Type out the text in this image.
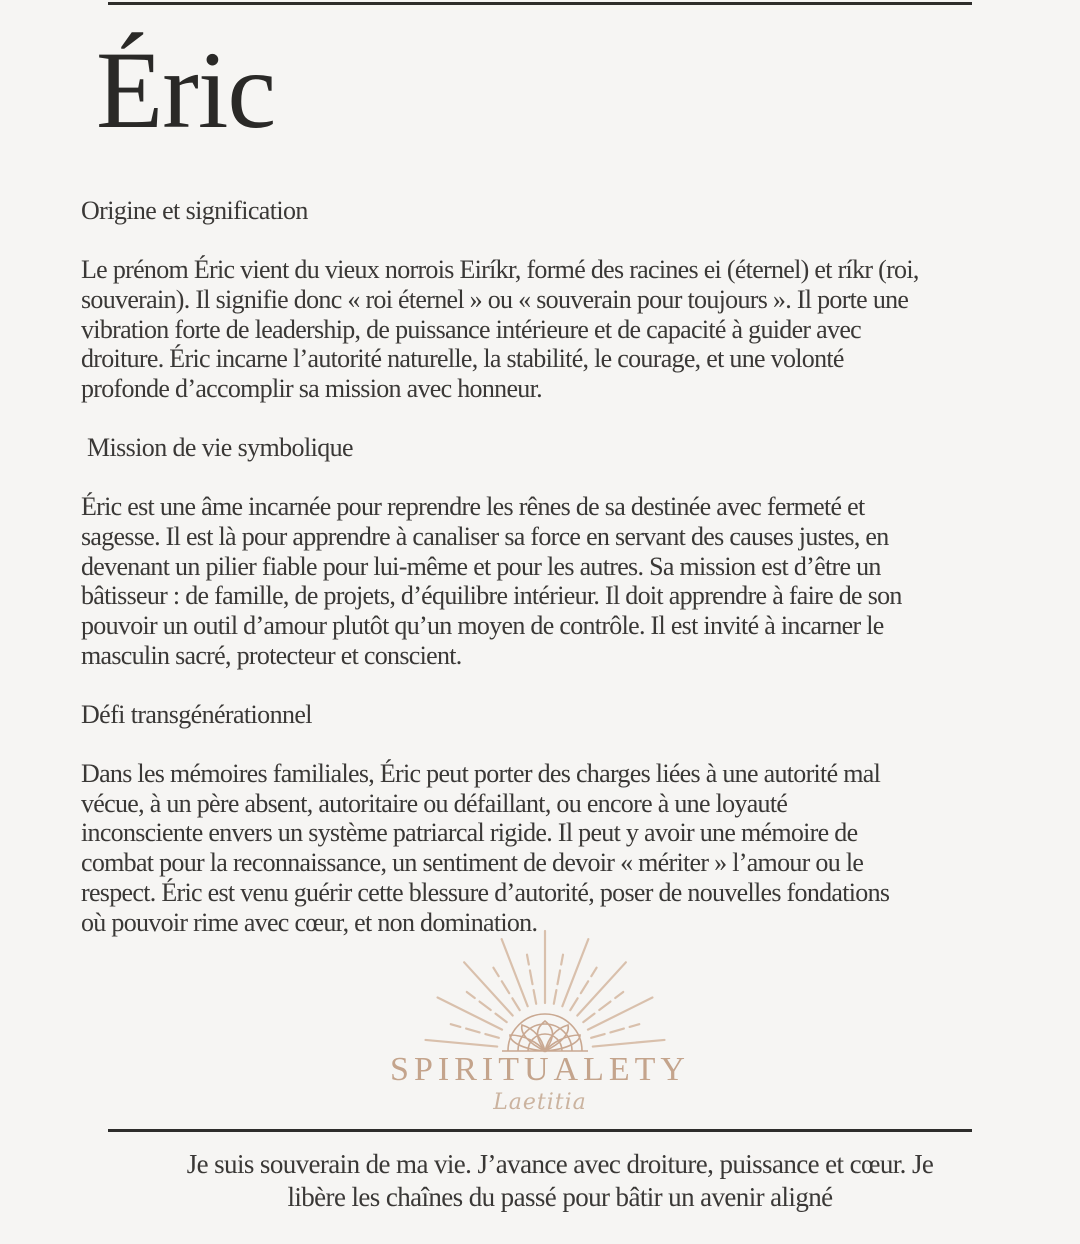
Éric
Origine et signification

Le prénom Éric vient du vieux norrois Eiríkr, formé des racines ei (éternel) et ríkr (roi,
souverain). Il signifie donc « roi éternel » ou « souverain pour toujours ». Il porte une
vibration forte de leadership, de puissance intérieure et de capacité à guider avec
droiture. Éric incarne l’autorité naturelle, la stabilité, le courage, et une volonté
profonde d’accomplir sa mission avec honneur.

Mission de vie symbolique

Éric est une âme incarnée pour reprendre les rênes de sa destinée avec fermeté et
sagesse. Il est là pour apprendre à canaliser sa force en servant des causes justes, en
devenant un pilier fiable pour lui-même et pour les autres. Sa mission est d’être un
bâtisseur : de famille, de projets, d’équilibre intérieur. Il doit apprendre à faire de son
pouvoir un outil d’amour plutôt qu’un moyen de contrôle. Il est invité à incarner le
masculin sacré, protecteur et conscient.

Défi transgénérationnel

Dans les mémoires familiales, Éric peut porter des charges liées à une autorité mal
vécue, à un père absent, autoritaire ou défaillant, ou encore à une loyauté
inconsciente envers un système patriarcal rigide. Il peut y avoir une mémoire de
combat pour la reconnaissance, un sentiment de devoir « mériter » l’amour ou le
respect. Éric est venu guérir cette blessure d’autorité, poser de nouvelles fondations
où pouvoir rime avec cœur, et non domination.

SPIRITUALETY
Laetitia

Je suis souverain de ma vie. J’avance avec droiture, puissance et cœur. Je
libère les chaînes du passé pour bâtir un avenir aligné
